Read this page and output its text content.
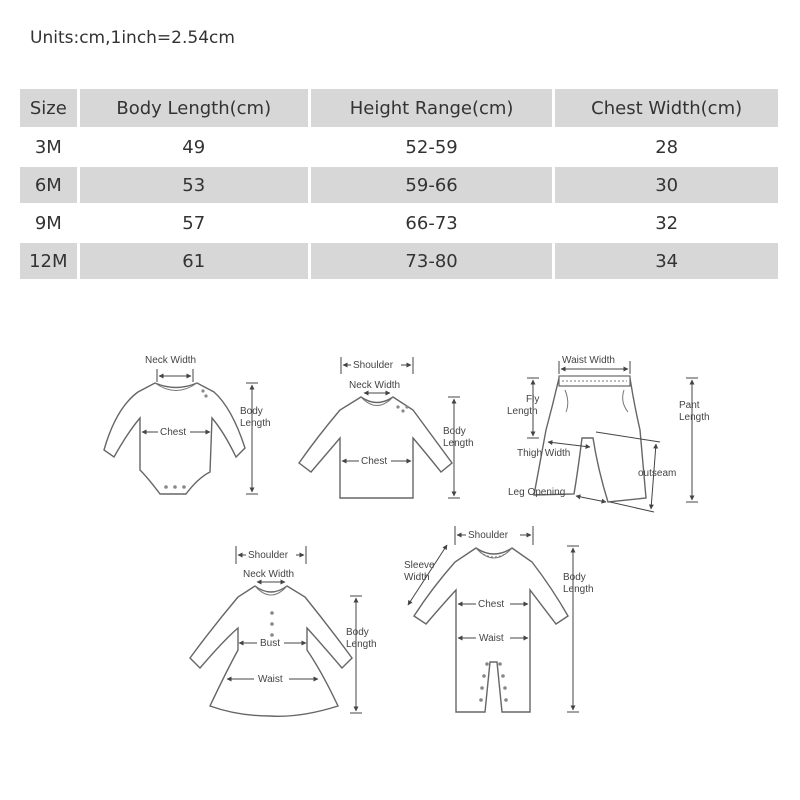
Units:cm,1inch=2.54cm
Size	Body Length(cm)	Height Range(cm)	Chest Width(cm)
3M	49	52-59	28
6M	53	59-66	30
9M	57	66-73	32
12M	61	73-80	34
Neck Width
Chest
Body
Length
Shoulder
Neck Width
Chest
Body
Length
Waist Width
Fly
Length
Pant
Length
Thigh Width
outseam
Leg Opening
Shoulder
Neck Width
Bust
Waist
Body
Length
Shoulder
Sleeve
Width
Chest
Waist
Body
Length
